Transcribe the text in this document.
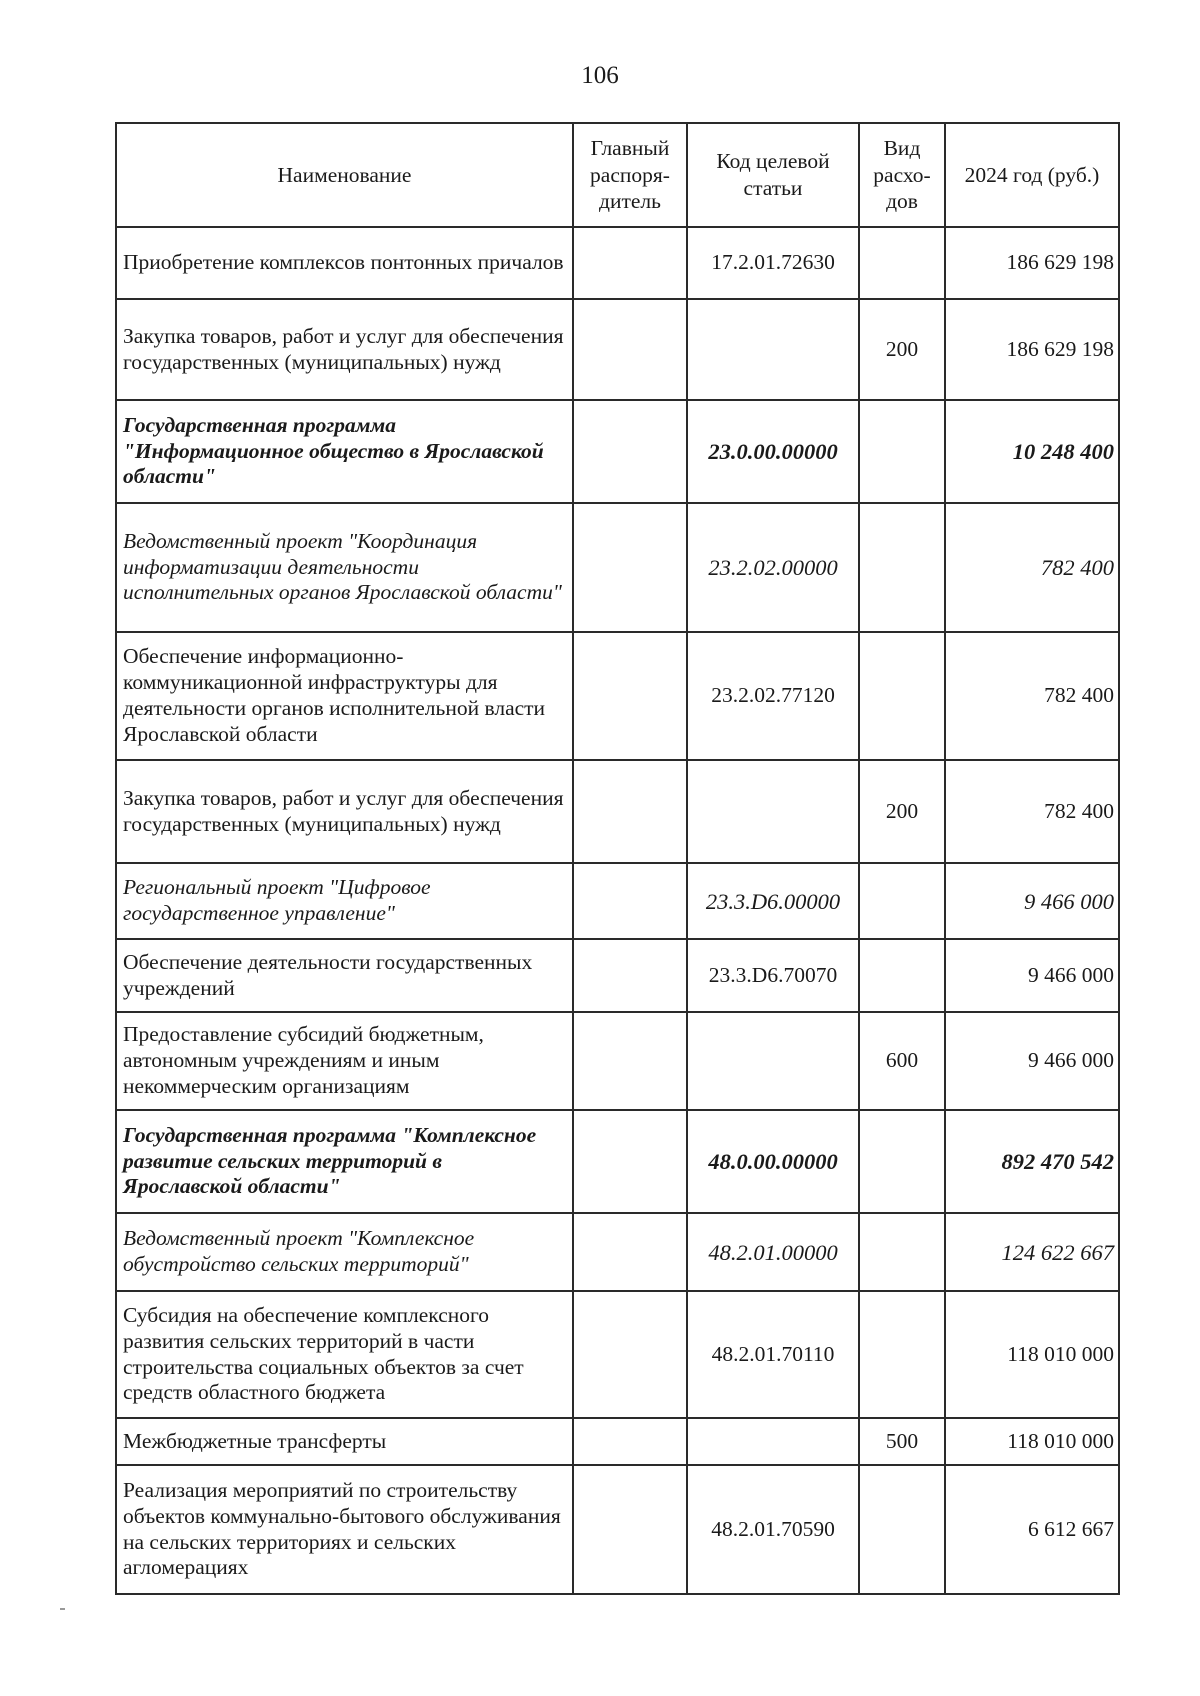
106
Наименование	Главный распоря-дитель	Код целевой статьи	Вид расхо-дов	2024 год (руб.)
Приобретение комплексов понтонных причалов		17.2.01.72630		186 629 198
Закупка товаров, работ и услуг для обеспечения государственных (муниципальных) нужд			200	186 629 198
Государственная программа "Информационное общество в Ярославской области"		23.0.00.00000		10 248 400
Ведомственный проект "Координация информатизации деятельности исполнительных органов Ярославской области"		23.2.02.00000		782 400
Обеспечение информационно-коммуникационной инфраструктуры для деятельности органов исполнительной власти Ярославской области		23.2.02.77120		782 400
Закупка товаров, работ и услуг для обеспечения государственных (муниципальных) нужд			200	782 400
Региональный проект "Цифровое государственное управление"		23.3.D6.00000		9 466 000
Обеспечение деятельности государственных учреждений		23.3.D6.70070		9 466 000
Предоставление субсидий бюджетным, автономным учреждениям и иным некоммерческим организациям			600	9 466 000
Государственная программа "Комплексное развитие сельских территорий в Ярославской области"		48.0.00.00000		892 470 542
Ведомственный проект "Комплексное обустройство сельских территорий"		48.2.01.00000		124 622 667
Субсидия на обеспечение комплексного развития сельских территорий в части строительства социальных объектов за счет средств областного бюджета		48.2.01.70110		118 010 000
Межбюджетные трансферты			500	118 010 000
Реализация мероприятий по строительству объектов коммунально-бытового обслуживания на сельских территориях и сельских агломерациях		48.2.01.70590		6 612 667
